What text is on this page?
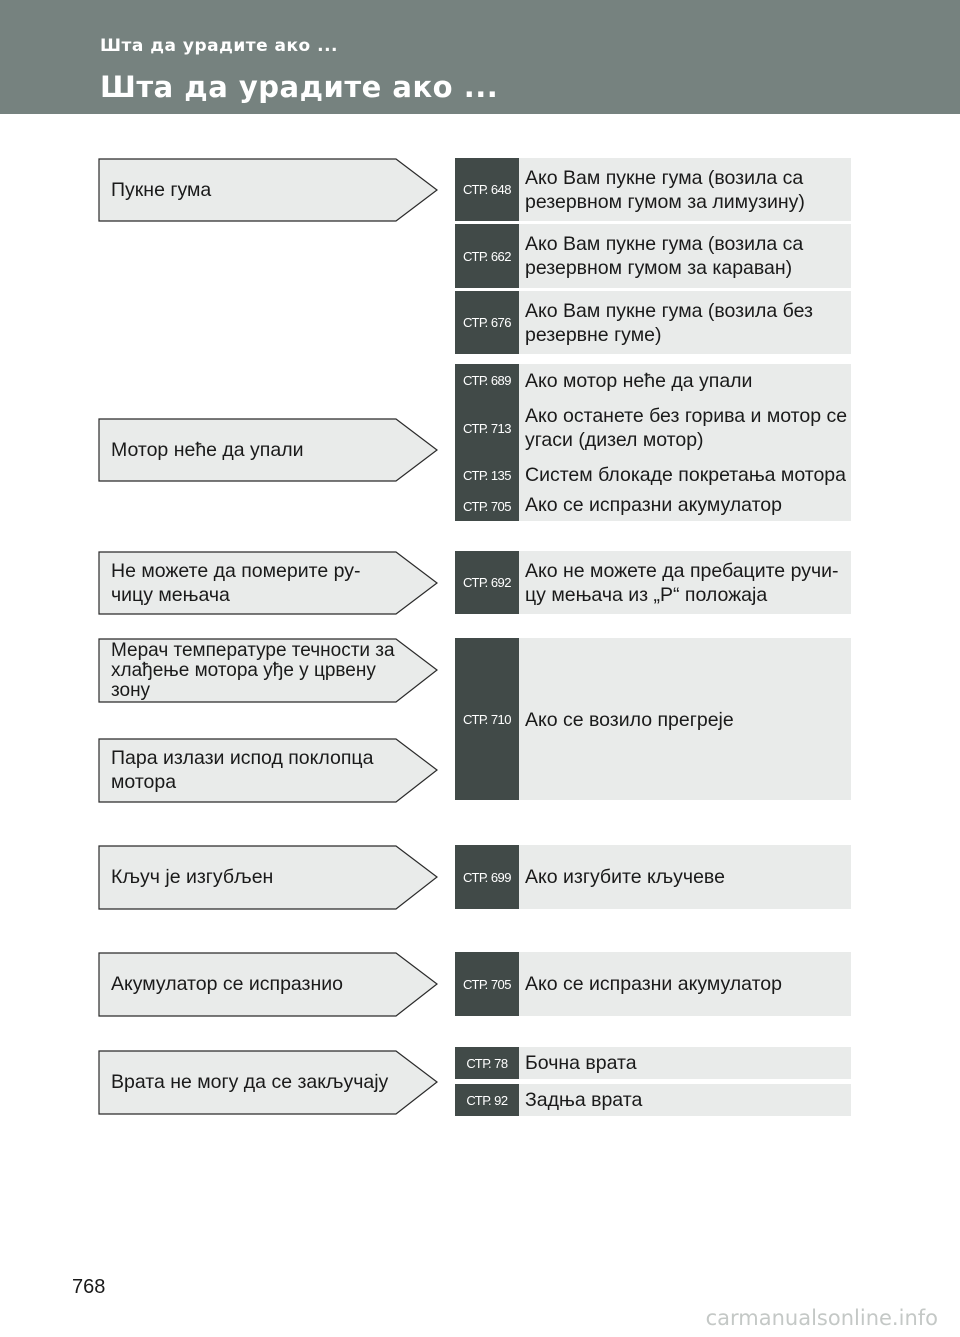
Шта да урадите ако ...
Шта да урадите ако ...
Пукне гума
Мотор неће да упали
Не можете да померите ру-чицу мењача
Мерач температуре течности за хлађење мотора уђе у црвену зону
Пара излази испод поклопца мотора
Кључ је изгубљен
Акумулатор се испразнио
Врата не могу да се закључају
СТР. 648
Ако Вам пукне гума (возила са резервном гумом за лимузину)
СТР. 662
Ако Вам пукне гума (возила са резервном гумом за караван)
СТР. 676
Ако Вам пукне гума (возила без резервне гуме)
СТР. 689
СТР. 713
СТР. 135
СТР. 705
Ако мотор неће да упали
Ако останете без горива и мотор се угаси (дизел мотор)
Систем блокаде покретања мотора
Ако се испразни акумулатор
СТР. 692
Ако не можете да пребаците ручи-цу мењача из „P“ положаја
СТР. 710 Ако се возило прегреје
СТР. 699 Ако изгубите кључеве
СТР. 705 Ако се испразни акумулатор
СТР. 78 Бочна врата
СТР. 92 Задња врата
768
carmanualsonline.info
